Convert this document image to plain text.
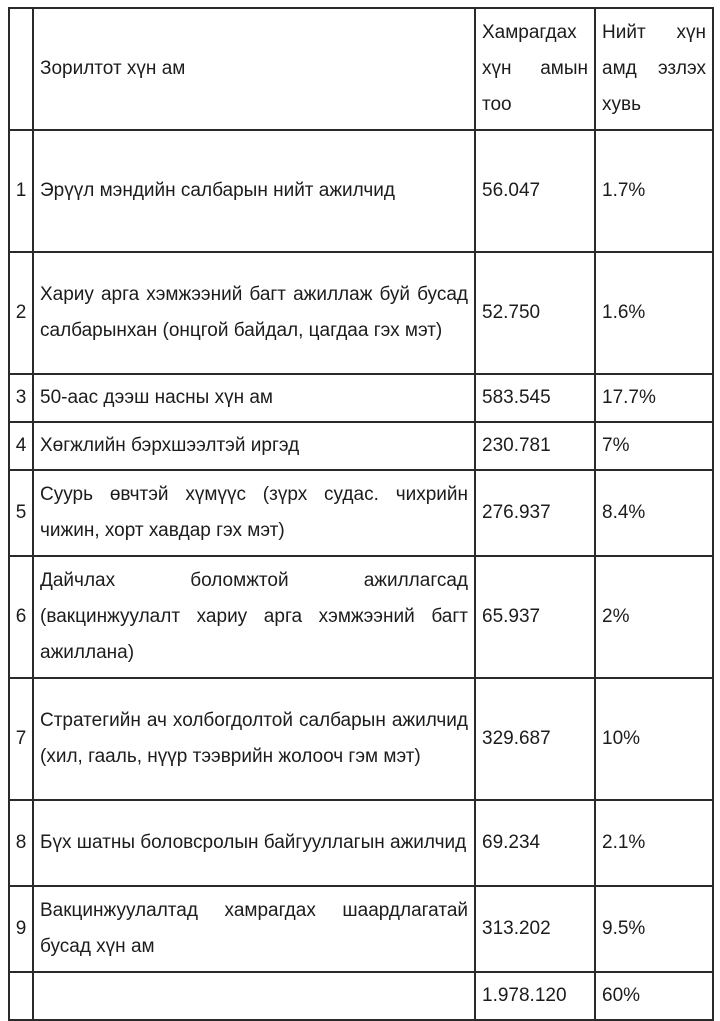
	Зорилтот хүн ам	Хамрагдах хүн амын тоо	Нийт хүн амд эзлэх хувь
1	Эрүүл мэндийн салбарын нийт ажилчид	56.047	1.7%
2	Хариу арга хэмжээний багт ажиллаж буй бусад салбарынхан (онцгой байдал, цагдаа гэх мэт)	52.750	1.6%
3	50-аас дээш насны хүн ам	583.545	17.7%
4	Хөгжлийн бэрхшээлтэй иргэд	230.781	7%
5	Суурь өвчтэй хүмүүс (зүрх судас. чихрийн чижин, хорт хавдар гэх мэт)	276.937	8.4%
6	Дайчлах боломжтой ажиллагсад (вакцинжуулалт хариу арга хэмжээний багт ажиллана)	65.937	2%
7	Стратегийн ач холбогдолтой салбарын ажилчид (хил, гааль, нүүр тээврийн жолооч гэм мэт)	329.687	10%
8	Бүх шатны боловсролын байгууллагын ажилчид	69.234	2.1%
9	Вакцинжуулалтад хамрагдах шаардлагатай бусад хүн ам	313.202	9.5%
		1.978.120	60%
